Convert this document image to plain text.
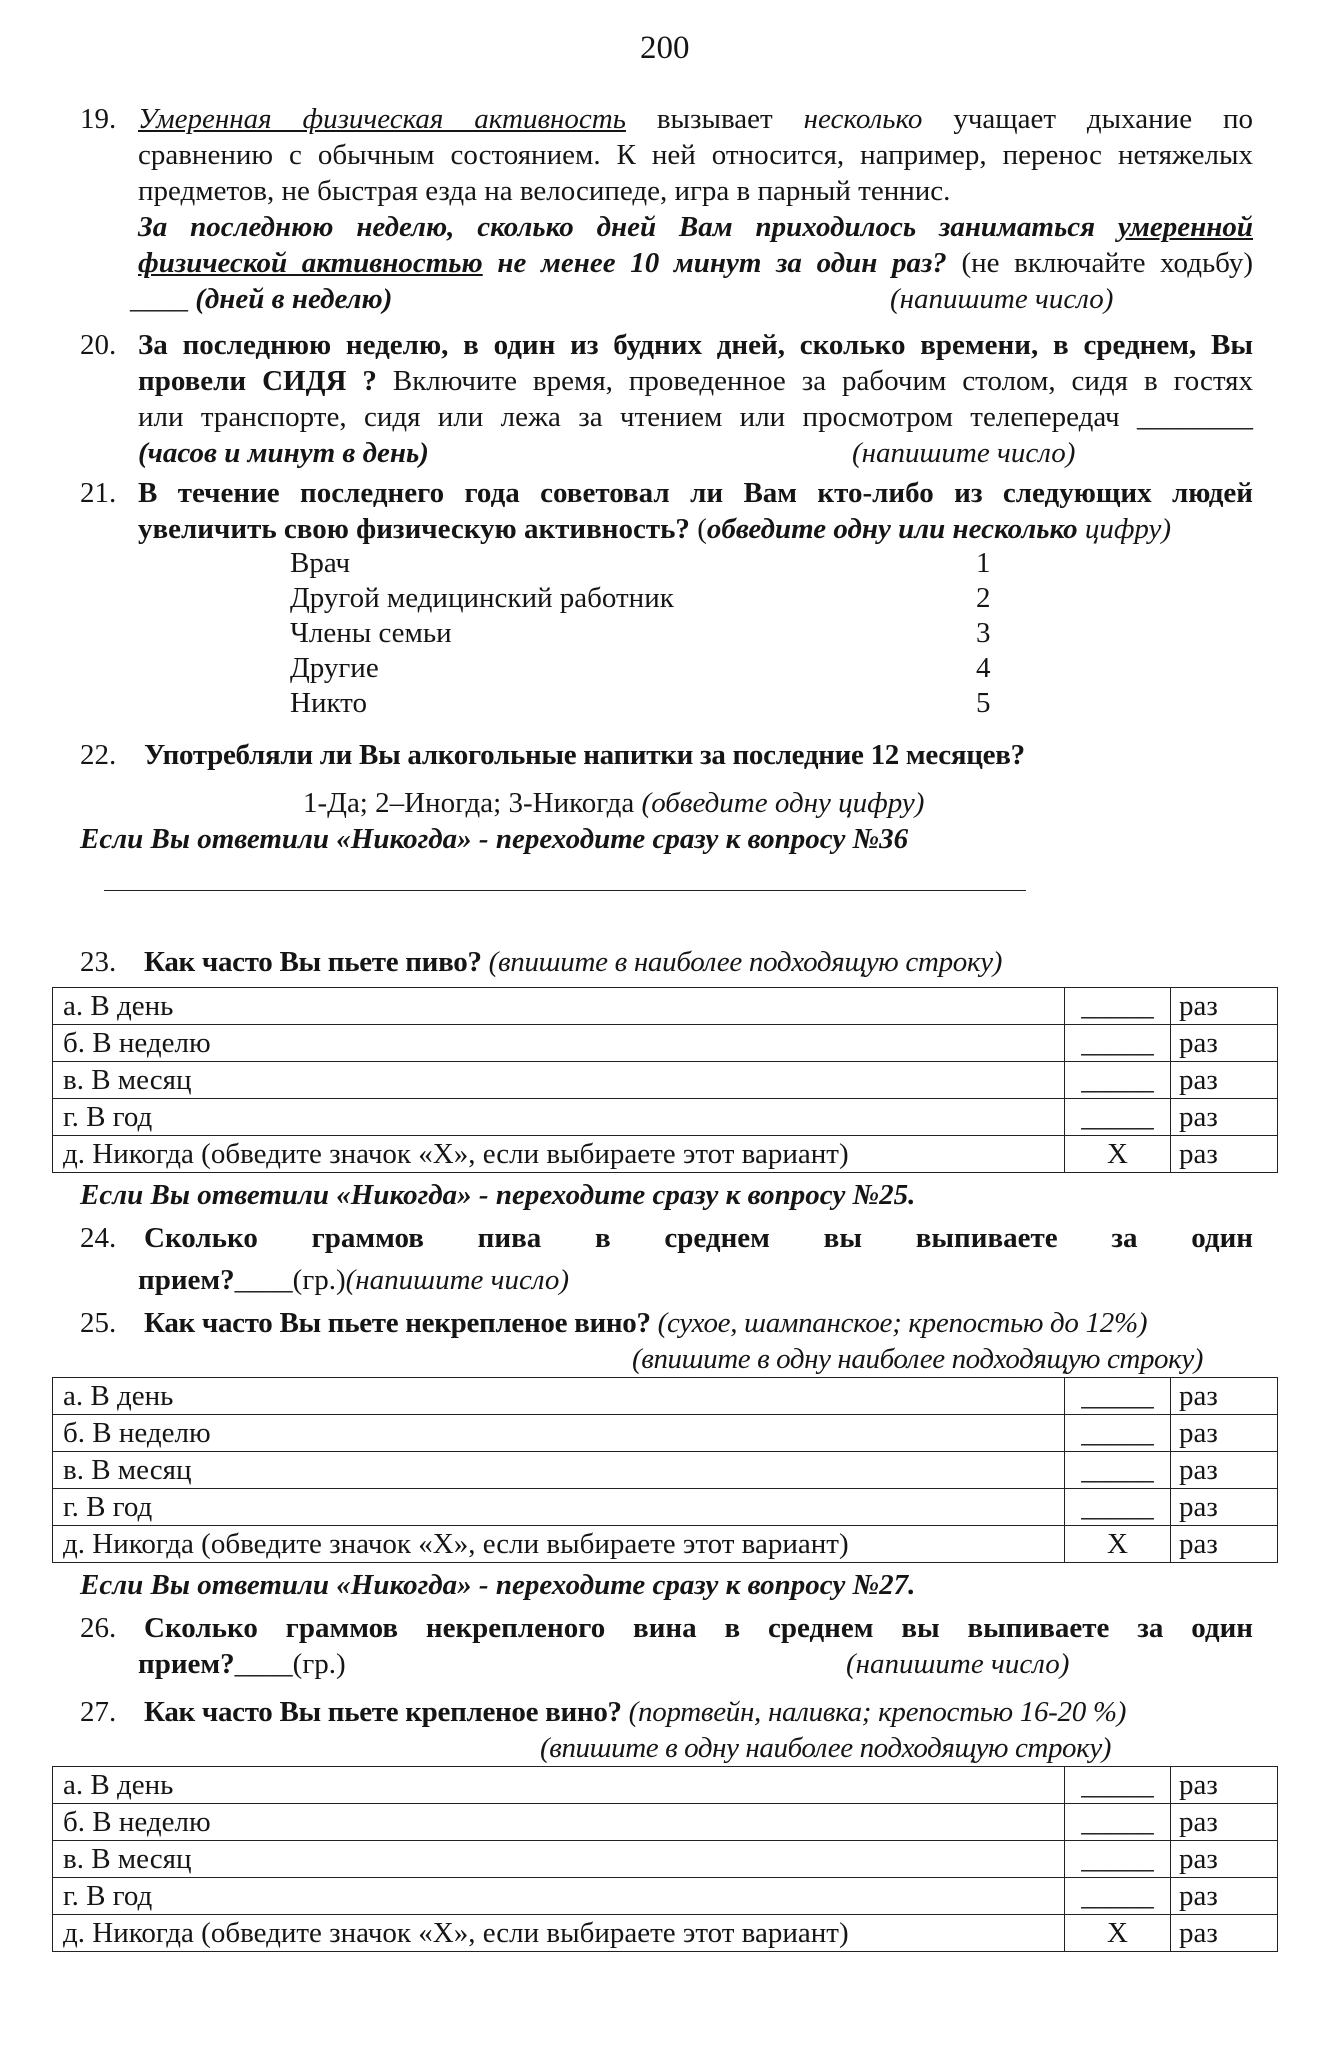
200
19. Умеренная физическая активность вызывает несколько учащает дыхание по
сравнению с обычным состоянием. К ней относится, например, перенос нетяжелых
предметов, не быстрая езда на велосипеде, игра в парный теннис.
За последнюю неделю, сколько дней Вам приходилось заниматься умеренной
физической активностью не менее 10 минут за один раз? (не включайте ходьбу)
____ (дней в неделю)	(напишите число)
20. За последнюю неделю, в один из будних дней, сколько времени, в среднем, Вы
провели СИДЯ ? Включите время, проведенное за рабочим столом, сидя в гостях
или транспорте, сидя или лежа за чтением или просмотром телепередач ________
(часов и минут в день)	(напишите число)
21. В течение последнего года советовал ли Вам кто-либо из следующих людей
увеличить свою физическую активность? (обведите одну или несколько цифру)
Врач	1
Другой медицинский работник	2
Члены семьи	3
Другие	4
Никто	5
22. Употребляли ли Вы алкогольные напитки за последние 12 месяцев?
1-Да; 2–Иногда; 3-Никогда (обведите одну цифру)
Если Вы ответили «Никогда» - переходите сразу к вопросу №36
23. Как часто Вы пьете пиво? (впишите в наиболее подходящую строку)
а. В день	_____	раз
б. В неделю	_____	раз
в. В месяц	_____	раз
г. В год	_____	раз
д. Никогда (обведите значок «Х», если выбираете этот вариант)	Х	раз
Если Вы ответили «Никогда» - переходите сразу к вопросу №25.
24. Сколько граммов пива в среднем вы выпиваете за один
прием?____(гр.)(напишите число)
25. Как часто Вы пьете некрепленое вино? (сухое, шампанское; крепостью до 12%)
(впишите в одну наиболее подходящую строку)
а. В день	_____	раз
б. В неделю	_____	раз
в. В месяц	_____	раз
г. В год	_____	раз
д. Никогда (обведите значок «Х», если выбираете этот вариант)	Х	раз
Если Вы ответили «Никогда» - переходите сразу к вопросу №27.
26. Сколько граммов некрепленого вина в среднем вы выпиваете за один
прием?____(гр.)	(напишите число)
27. Как часто Вы пьете крепленое вино? (портвейн, наливка; крепостью 16-20 %)
(впишите в одну наиболее подходящую строку)
а. В день	_____	раз
б. В неделю	_____	раз
в. В месяц	_____	раз
г. В год	_____	раз
д. Никогда (обведите значок «Х», если выбираете этот вариант)	Х	раз
